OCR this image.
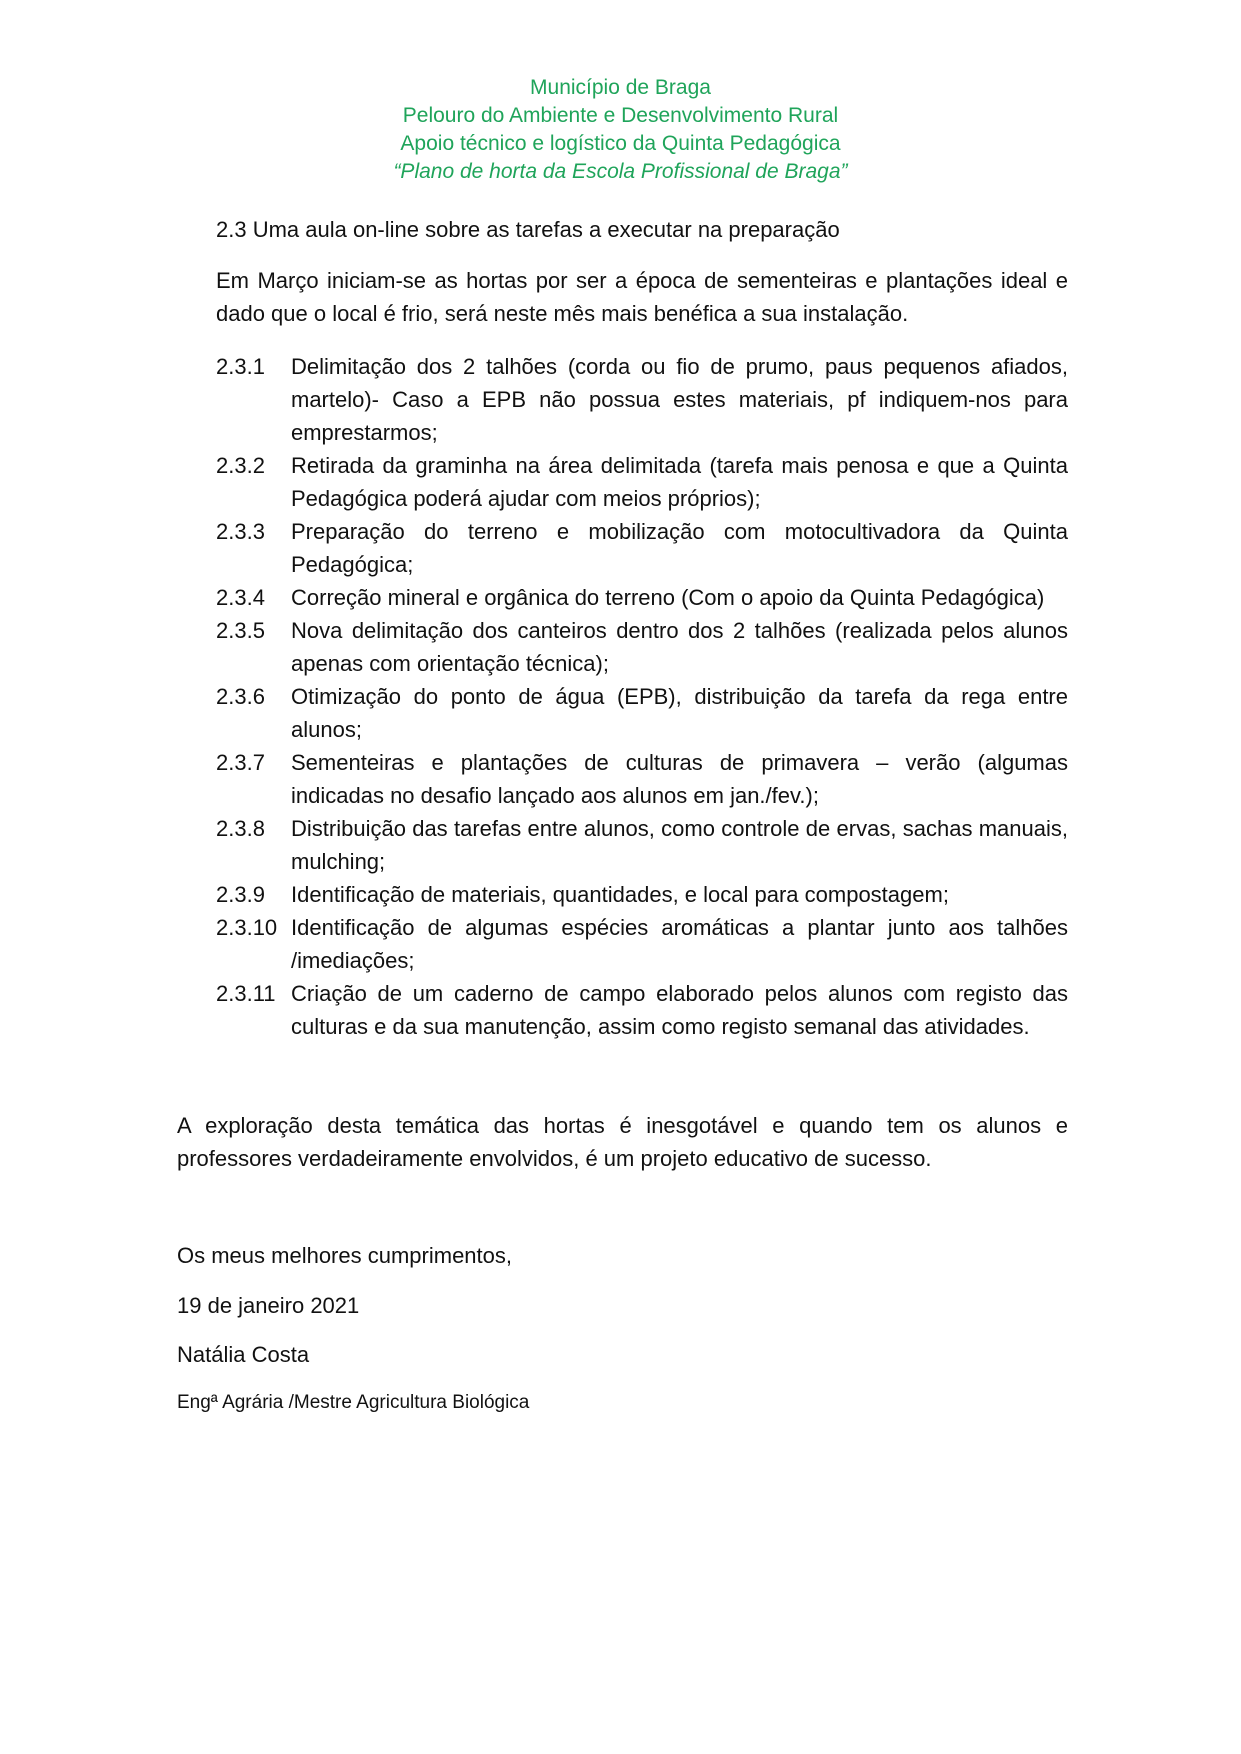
Município de Braga
Pelouro do Ambiente e Desenvolvimento Rural
Apoio técnico e logístico da Quinta Pedagógica
“Plano de horta da Escola Profissional de Braga”
2.3 Uma aula on-line sobre as tarefas a executar na preparação
Em Março iniciam-se as hortas por ser a época de sementeiras e plantações ideal e dado que o local é frio, será neste mês mais benéfica a sua instalação.
2.3.1	Delimitação dos 2 talhões (corda ou fio de prumo, paus pequenos afiados, martelo)- Caso a EPB não possua estes materiais, pf indiquem-nos para emprestarmos;
2.3.2	Retirada da graminha na área delimitada (tarefa mais penosa e que a Quinta Pedagógica poderá ajudar com meios próprios);
2.3.3	Preparação do terreno e mobilização com motocultivadora da Quinta Pedagógica;
2.3.4	Correção mineral e orgânica do terreno (Com o apoio da Quinta Pedagógica)
2.3.5	Nova delimitação dos canteiros dentro dos 2 talhões (realizada pelos alunos apenas com orientação técnica);
2.3.6	Otimização do ponto de água (EPB), distribuição da tarefa da rega entre alunos;
2.3.7	Sementeiras e plantações de culturas de primavera – verão (algumas indicadas no desafio lançado aos alunos em jan./fev.);
2.3.8	Distribuição das tarefas entre alunos, como controle de ervas, sachas manuais, mulching;
2.3.9	Identificação de materiais, quantidades, e local para compostagem;
2.3.10 Identificação de algumas espécies aromáticas a plantar junto aos talhões /imediações;
2.3.11 Criação de um caderno de campo elaborado pelos alunos com registo das culturas e da sua manutenção, assim como registo semanal das atividades.
A exploração desta temática das hortas é inesgotável e quando tem os alunos e professores verdadeiramente envolvidos, é um projeto educativo de sucesso.
Os meus melhores cumprimentos,
19 de janeiro 2021
Natália Costa
Engª Agrária /Mestre Agricultura Biológica
